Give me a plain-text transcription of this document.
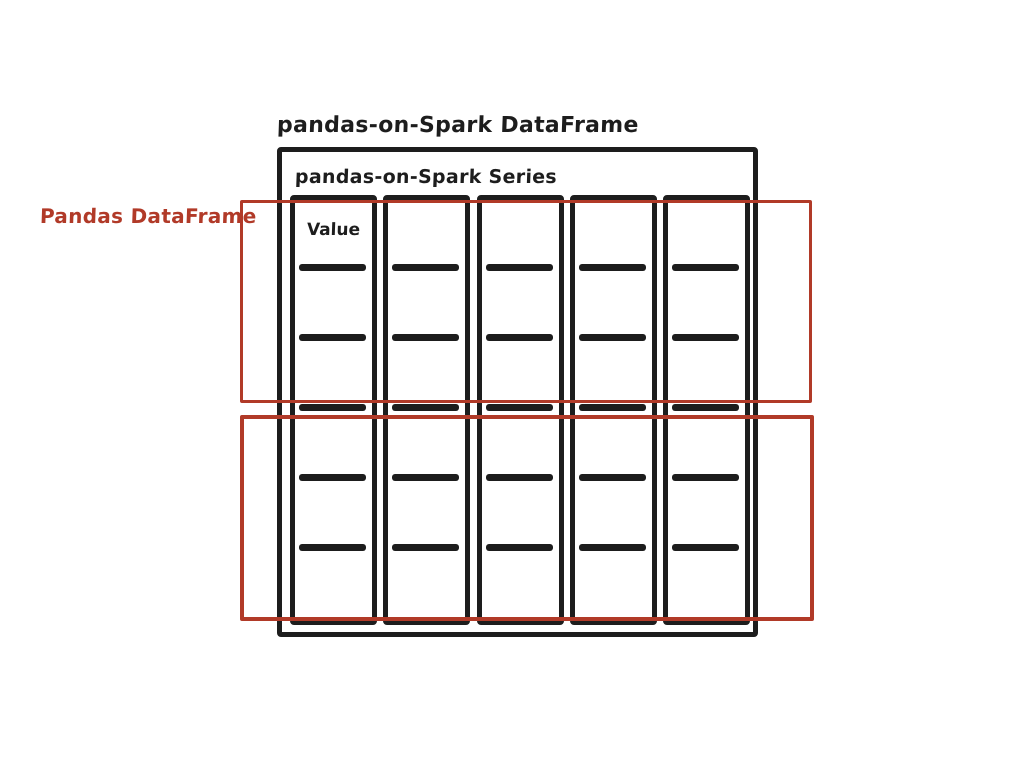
pandas-on-Spark DataFrame
pandas-on-Spark Series
Value
Pandas DataFrame
